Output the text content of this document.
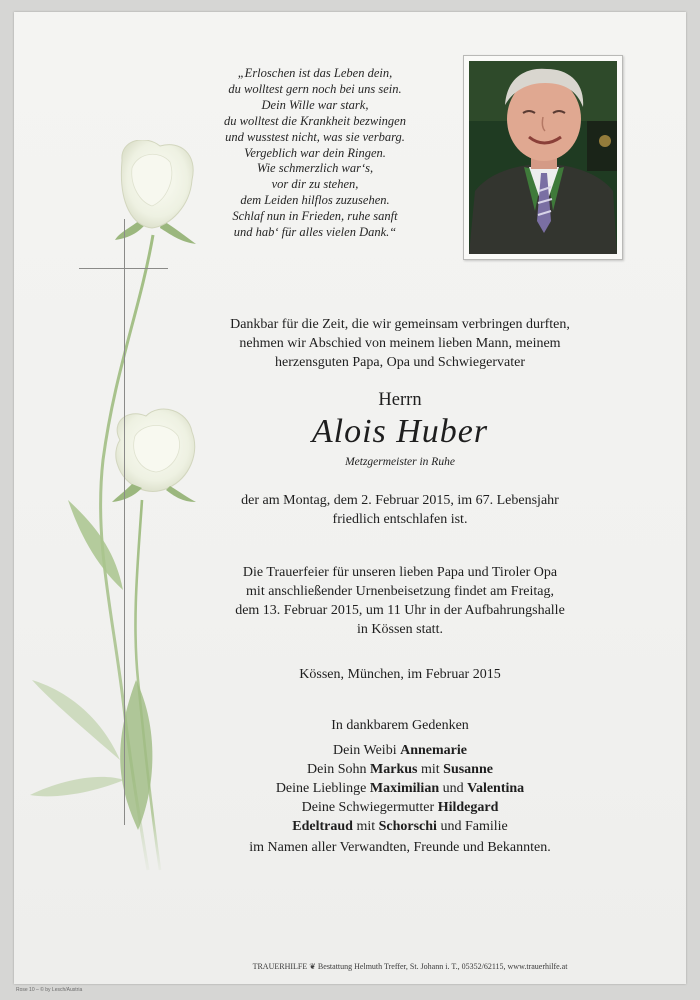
„Erloschen ist das Leben dein,
du wolltest gern noch bei uns sein.
Dein Wille war stark,
du wolltest die Krankheit bezwingen
und wusstest nicht, was sie verbarg.
Vergeblich war dein Ringen.
Wie schmerzlich war‘s,
vor dir zu stehen,
dem Leiden hilflos zuzusehen.
Schlaf nun in Frieden, ruhe sanft
und hab‘ für alles vielen Dank.“
Dankbar für die Zeit, die wir gemeinsam verbringen durften,
nehmen wir Abschied von meinem lieben Mann, meinem
herzensguten Papa, Opa und Schwiegervater
Herrn
Alois Huber
Metzgermeister in Ruhe
der am Montag, dem 2. Februar 2015, im 67. Lebensjahr
friedlich entschlafen ist.
Die Trauerfeier für unseren lieben Papa und Tiroler Opa
mit anschließender Urnenbeisetzung findet am Freitag,
dem 13. Februar 2015, um 11 Uhr in der Aufbahrungshalle
in Kössen statt.
Kössen, München, im Februar 2015
In dankbarem Gedenken
Dein Weibi Annemarie
Dein Sohn Markus mit Susanne
Deine Lieblinge Maximilian und Valentina
Deine Schwiegermutter Hildegard
Edeltraud mit Schorschi und Familie
im Namen aller Verwandten, Freunde und Bekannten.
TRAUERHILFE ❦ Bestattung Helmuth Treffer, St. Johann i. T., 05352/62115, www.trauerhilfe.at
Rose 10 – © by Lesch/Austria
